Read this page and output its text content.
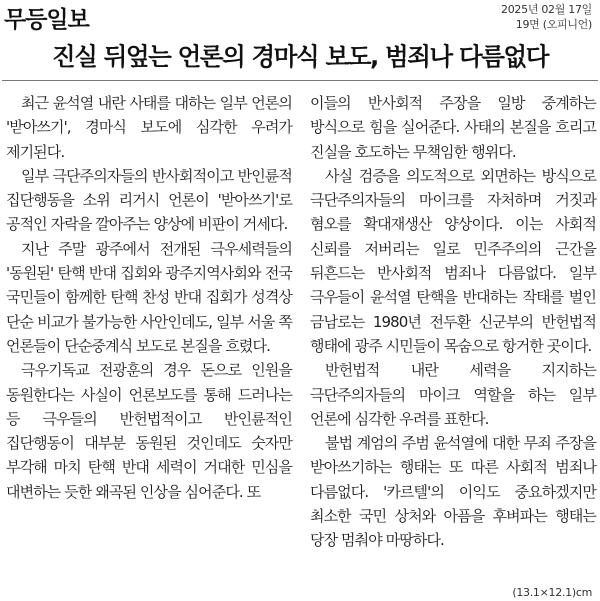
무등일보	2025년 02월 17일
19면 (오피니언)
진실 뒤엎는 언론의 경마식 보도, 범죄나 다름없다

최근 윤석열 내란 사태를 대하는 일부 언론의 '받아쓰기', 경마식 보도에 심각한 우려가 제기된다.

일부 극단주의자들의 반사회적이고 반인륜적 집단행동을 소위 리거시 언론이 '받아쓰기'로 공적인 자락을 깔아주는 양상에 비판이 거세다.

지난 주말 광주에서 전개된 극우세력들의 '동원된' 탄핵 반대 집회와 광주지역사회와 전국 국민들이 함께한 탄핵 찬성 반대 집회가 성격상 단순 비교가 불가능한 사안인데도, 일부 서울 쪽 언론들이 단순중계식 보도로 본질을 흐렸다.

극우기독교 전광훈의 경우 돈으로 인원을 동원한다는 사실이 언론보도를 통해 드러나는 등 극우들의 반헌법적이고 반인륜적인 집단행동이 대부분 동원된 것인데도 숫자만 부각해 마치 탄핵 반대 세력이 거대한 민심을 대변하는 듯한 왜곡된 인상을 심어준다. 또

이들의 반사회적 주장을 일방 중계하는 방식으로 힘을 실어준다. 사태의 본질을 흐리고 진실을 호도하는 무책임한 행위다.

사실 검증을 의도적으로 외면하는 방식으로 극단주의자들의 마이크를 자처하며 거짓과 혐오를 확대재생산 양상이다. 이는 사회적 신뢰를 저버리는 일로 민주주의의 근간을 뒤흔드는 반사회적 범죄나 다름없다. 일부 극우들이 윤석열 탄핵을 반대하는 작태를 벌인 금남로는 1980년 전두환 신군부의 반헌법적 행태에 광주 시민들이 목숨으로 항거한 곳이다.

반헌법적 내란 세력을 지지하는 극단주의자들의 마이크 역할을 하는 일부 언론에 심각한 우려를 표한다.

불법 계엄의 주범 윤석열에 대한 무죄 주장을 받아쓰기하는 행태는 또 따른 사회적 범죄나 다름없다. '카르텔'의 이익도 중요하겠지만 최소한 국민 상처와 아픔을 후벼파는 행태는 당장 멈춰야 마땅하다.

(13.1×12.1)cm
